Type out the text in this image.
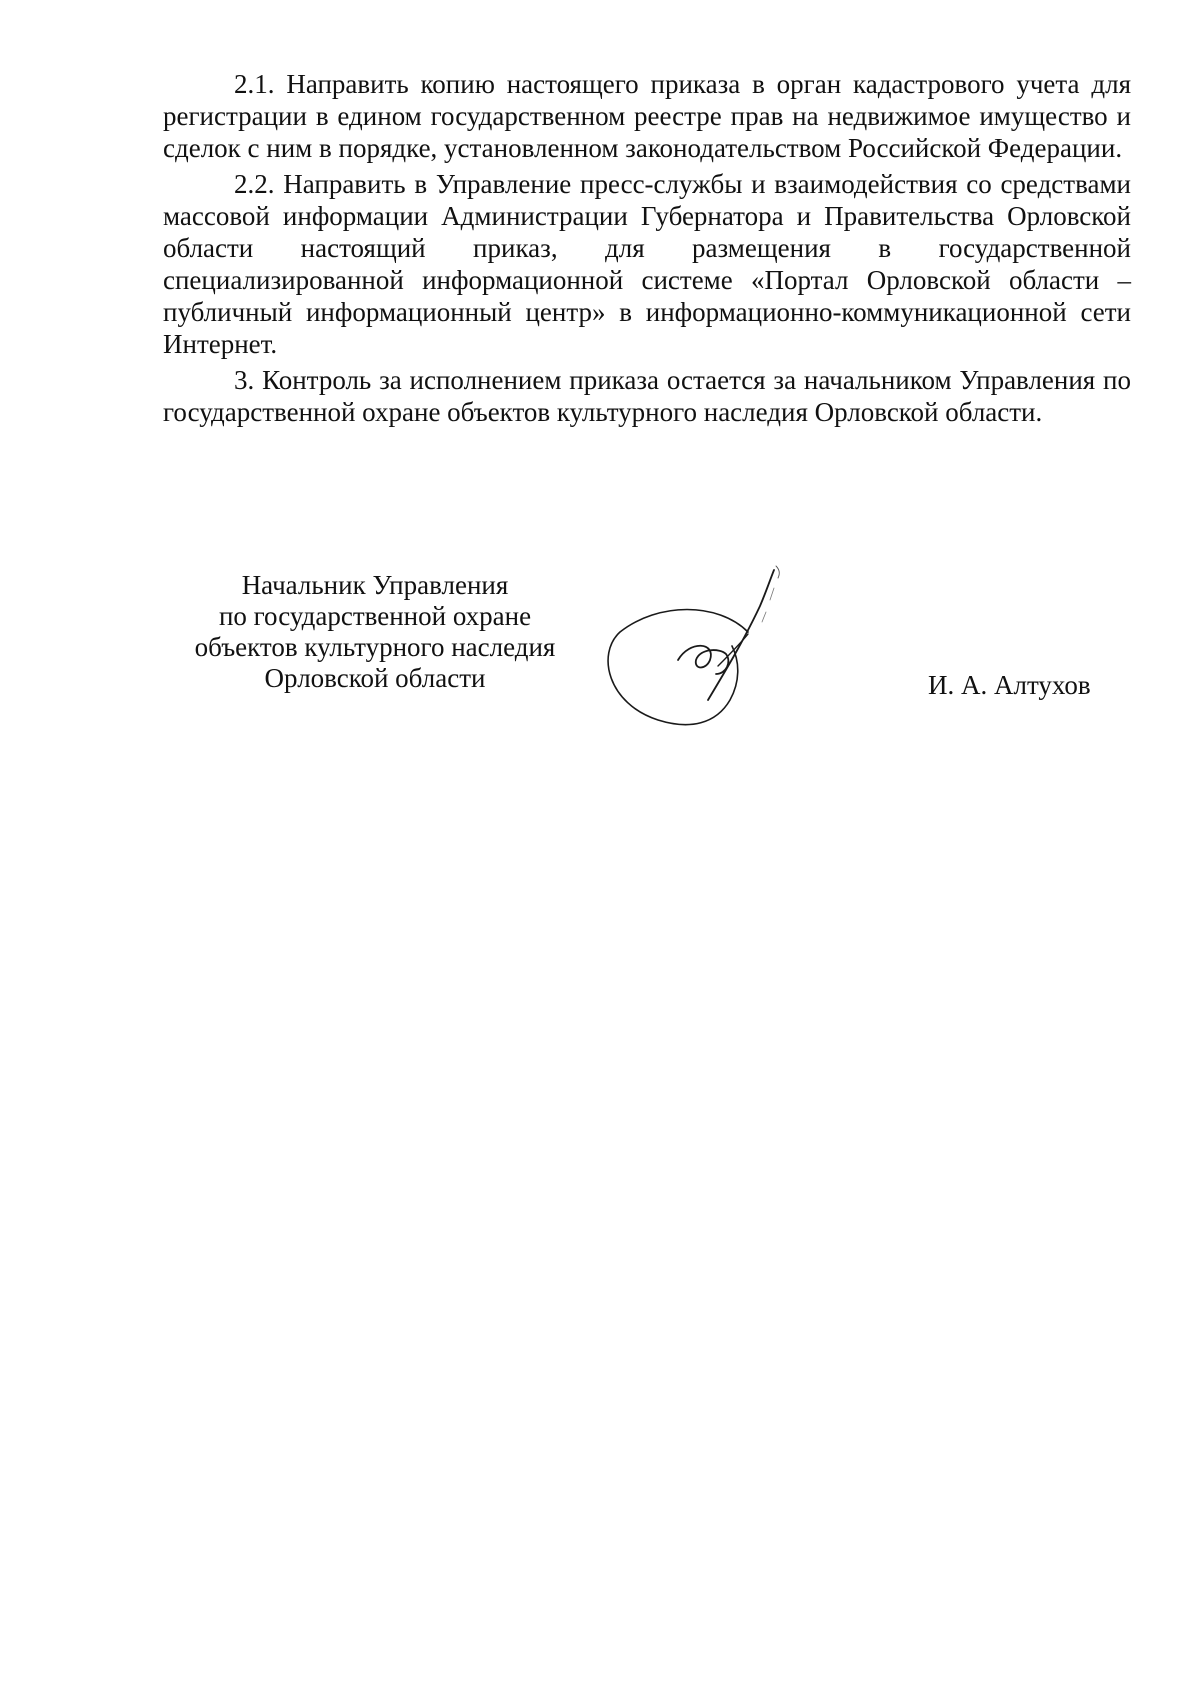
2.1. Направить копию настоящего приказа в орган кадастрового учета для регистрации в едином государственном реестре прав на недвижимое имущество и сделок с ним в порядке, установленном законодательством Российской Федерации.

2.2. Направить в Управление пресс-службы и взаимодействия со средствами массовой информации Администрации Губернатора и Правительства Орловской области настоящий приказ, для размещения в государственной специализированной информационной системе «Портал Орловской области – публичный информационный центр» в информационно-коммуникационной сети Интернет.

3. Контроль за исполнением приказа остается за начальником Управления по государственной охране объектов культурного наследия Орловской области.

Начальник Управления
по государственной охране
объектов культурного наследия
Орловской области	И. А. Алтухов
